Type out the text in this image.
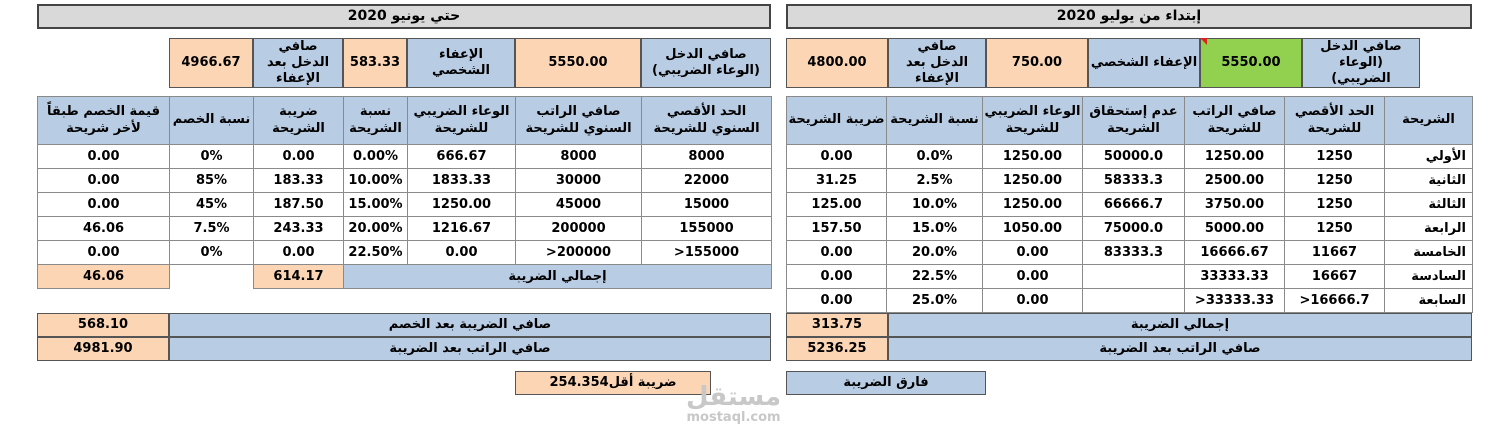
إبتداء من يوليو 2020
حتي يونيو 2020
صافي الدخل (الوعاء الضريبي)
5550.00
الإعفاء الشخصي
750.00
صافي الدخل بعد الإعفاء
4800.00
صافي الدخل (الوعاء الضريبي)
5550.00
الإعفاء الشخصي
583.33
صافي الدخل بعد الإعفاء
4966.67
الشريحة	الحد الأقصي للشريحة	صافي الراتب للشريحة	عدم إستحقاق الشريحة	الوعاء الضريبي للشريحة	نسبة الشريحة	ضريبة الشريحة
الأولي	1250	1250.00	50000.0	1250.00	0.0%	0.00
الثانية	1250	2500.00	58333.3	1250.00	2.5%	31.25
الثالثة	1250	3750.00	66666.7	1250.00	10.0%	125.00
الرابعة	1250	5000.00	75000.0	1050.00	15.0%	157.50
الخامسة	11667	16666.67	83333.3	0.00	20.0%	0.00
السادسة	16667	33333.33		0.00	22.5%	0.00
السابعة	16666.7<	33333.33<		0.00	25.0%	0.00
الحد الأقصي السنوي للشريحة	صافي الراتب السنوي للشريحة	الوعاء الضريبي للشريحة	نسبة الشريحة	ضريبة الشريحة	نسبة الخصم	قيمة الخصم طبقاً لأخر شريحة
8000	8000	666.67	0.00%	0.00	0%	0.00
22000	30000	1833.33	10.00%	183.33	85%	0.00
15000	45000	1250.00	15.00%	187.50	45%	0.00
155000	200000	1216.67	20.00%	243.33	7.5%	46.06
155000<	200000<	0.00	22.50%	0.00	0%	0.00
إجمالي الضريبة				614.17		46.06
إجمالي الضريبة
313.75
صافي الراتب بعد الضريبة
5236.25
صافي الضريبة بعد الخصم
568.10
صافي الراتب بعد الضريبة
4981.90
فارق الضريبة
ضريبة أقل
254.354	مستقل
mostaql.com
